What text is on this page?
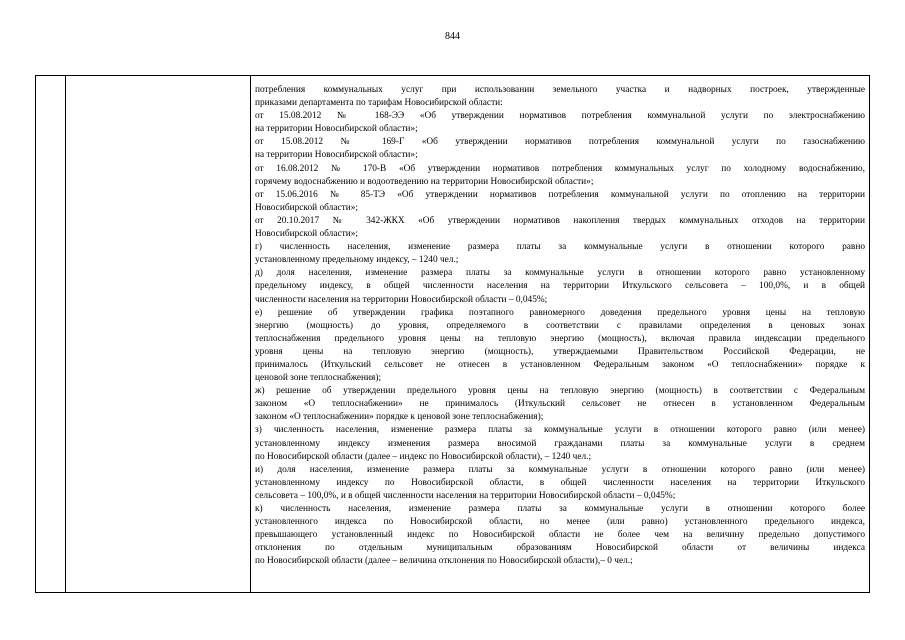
844

потребления коммунальных услуг при использовании земельного участка и надворных построек, утвержденные

приказами департамента по тарифам Новосибирской области:

от 15.08.2012 № 168-ЭЭ «Об утверждении нормативов потребления коммунальной услуги по электроснабжению

на территории Новосибирской области»;

от 15.08.2012 № 169-Г «Об утверждении нормативов потребления коммунальной услуги по газоснабжению

на территории Новосибирской области»;

от 16.08.2012 № 170-В «Об утверждении нормативов потребления коммунальных услуг по холодному водоснабжению,

горячему водоснабжению и водоотведению на территории Новосибирской области»;

от 15.06.2016 № 85-ТЭ «Об утверждении нормативов потребления коммунальной услуги по отоплению на территории

Новосибирской области»;

от 20.10.2017 № 342-ЖКХ «Об утверждении нормативов накопления твердых коммунальных отходов на территории

Новосибирской области»;

г) численность населения, изменение размера платы за коммунальные услуги в отношении которого равно

установленному предельному индексу, – 1240 чел.;

д) доля населения, изменение размера платы за коммунальные услуги в отношении которого равно установленному

предельному индексу, в общей численности населения на территории Иткульского сельсовета – 100,0%, и в общей

численности населения на территории Новосибирской области – 0,045%;

е) решение об утверждении графика поэтапного равномерного доведения предельного уровня цены на тепловую

энергию (мощность) до уровня, определяемого в соответствии с правилами определения в ценовых зонах

теплоснабжения предельного уровня цены на тепловую энергию (мощность), включая правила индексации предельного

уровня цены на тепловую энергию (мощность), утверждаемыми Правительством Российской Федерации, не

принималось (Иткульский сельсовет не отнесен в установленном Федеральным законом «О теплоснабжении» порядке к

ценовой зоне теплоснабжения);

ж) решение об утверждении предельного уровня цены на тепловую энергию (мощность) в соответствии с Федеральным

законом «О теплоснабжении» не принималось (Иткульский сельсовет не отнесен в установленном Федеральным

законом «О теплоснабжении» порядке к ценовой зоне теплоснабжения);

з) численность населения, изменение размера платы за коммунальные услуги в отношении которого равно (или менее)

установленному индексу изменения размера вносимой гражданами платы за коммунальные услуги в среднем

по Новосибирской области (далее – индекс по Новосибирской области), – 1240 чел.;

и) доля населения, изменение размера платы за коммунальные услуги в отношении которого равно (или менее)

установленному индексу по Новосибирской области, в общей численности населения на территории Иткульского

сельсовета – 100,0%, и в общей численности населения на территории Новосибирской области – 0,045%;

к) численность населения, изменение размера платы за коммунальные услуги в отношении которого более

установленного индекса по Новосибирской области, но менее (или равно) установленного предельного индекса,

превышающего установленный индекс по Новосибирской области не более чем на величину предельно допустимого

отклонения по отдельным муниципальным образованиям Новосибирской области от величины индекса

по Новосибирской области (далее – величина отклонения по Новосибирской области),– 0 чел.;
